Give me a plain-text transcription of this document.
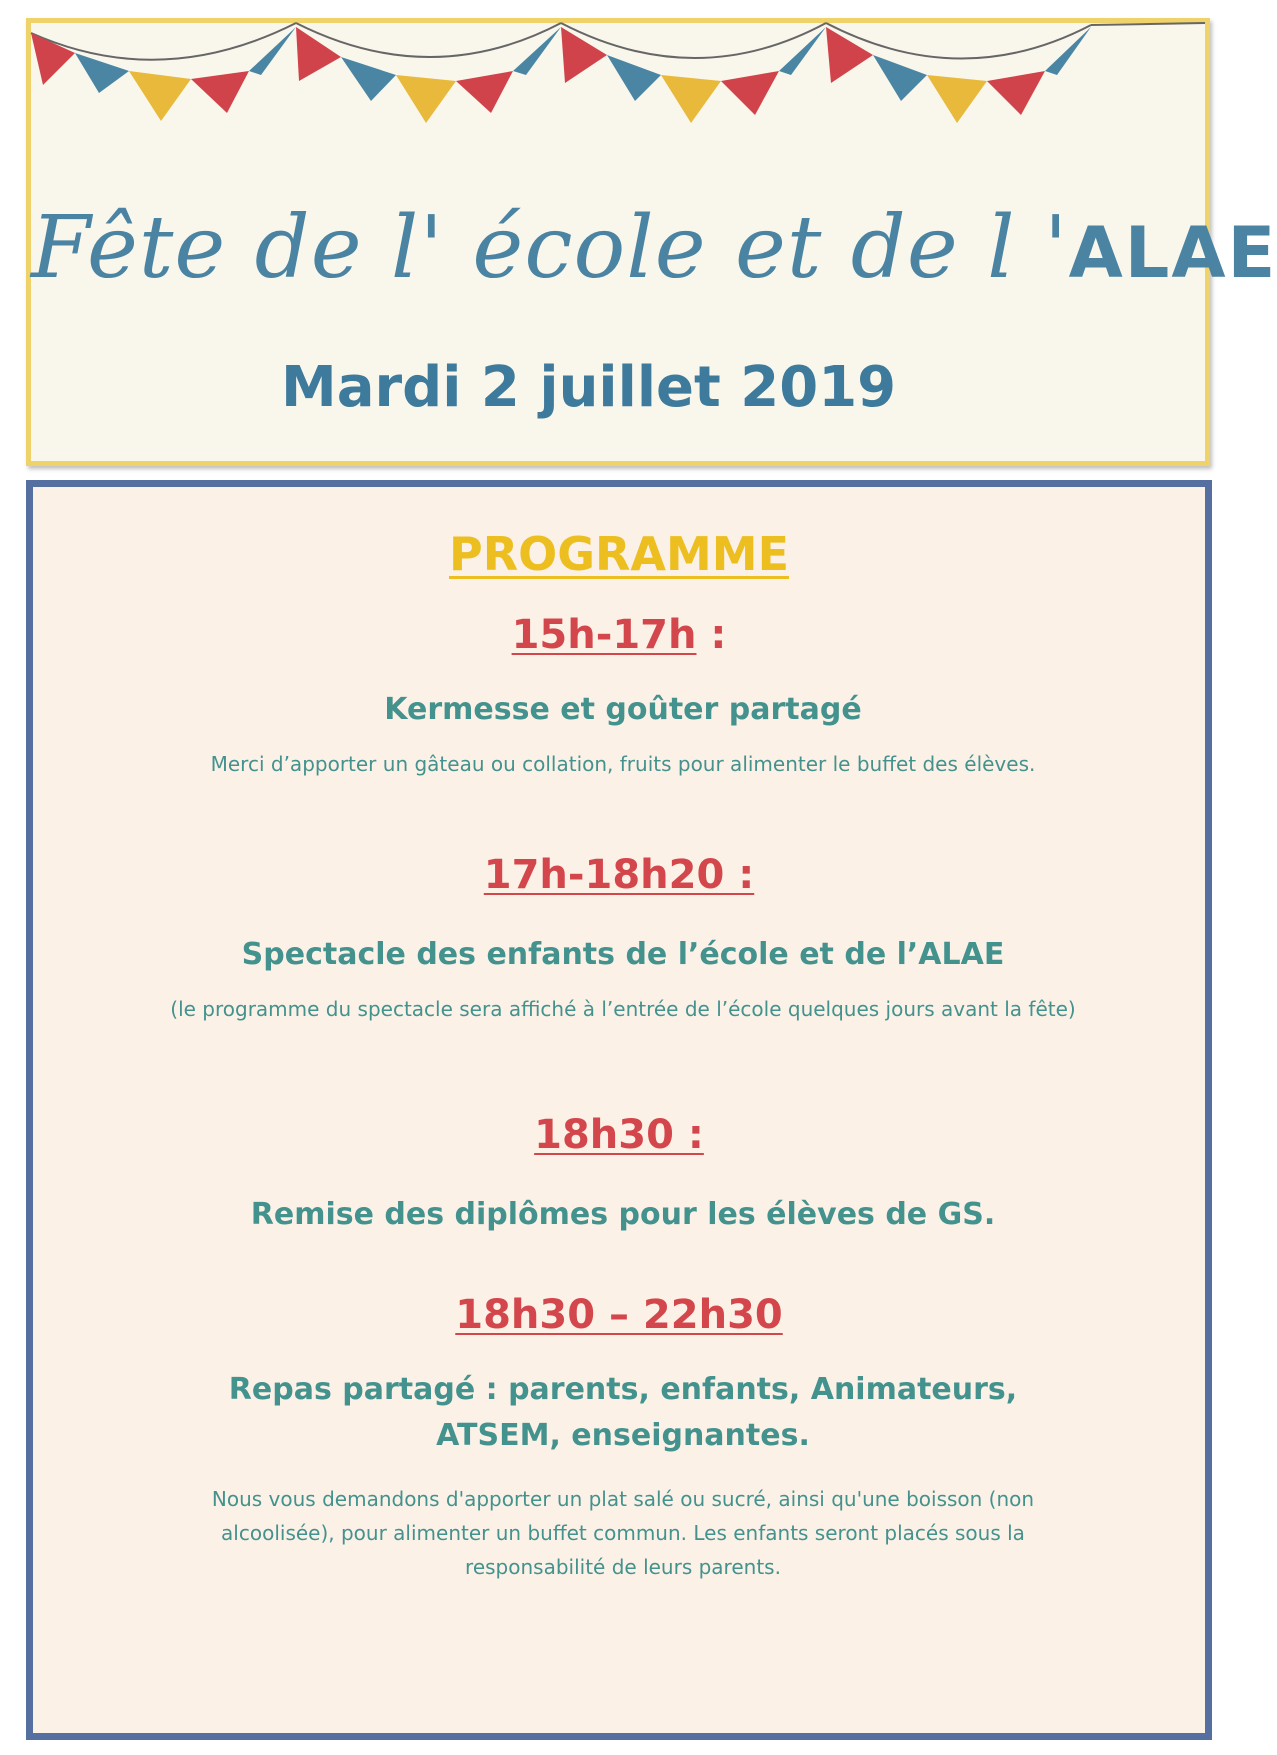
Fête de l' école et de l 'ALAE
Mardi 2 juillet 2019
PROGRAMME
15h-17h :
Kermesse et goûter partagé
Merci d’apporter un gâteau ou collation, fruits pour alimenter le buffet des élèves.
17h-18h20 :
Spectacle des enfants de l’école et de l’ALAE
(le programme du spectacle sera affiché à l’entrée de l’école quelques jours avant la fête)
18h30 :
Remise des diplômes pour les élèves de GS.
18h30 – 22h30
Repas partagé : parents, enfants, Animateurs, ATSEM, enseignantes.
Nous vous demandons d'apporter un plat salé ou sucré, ainsi qu'une boisson (non alcoolisée), pour alimenter un buffet commun. Les enfants seront placés sous la responsabilité de leurs parents.
